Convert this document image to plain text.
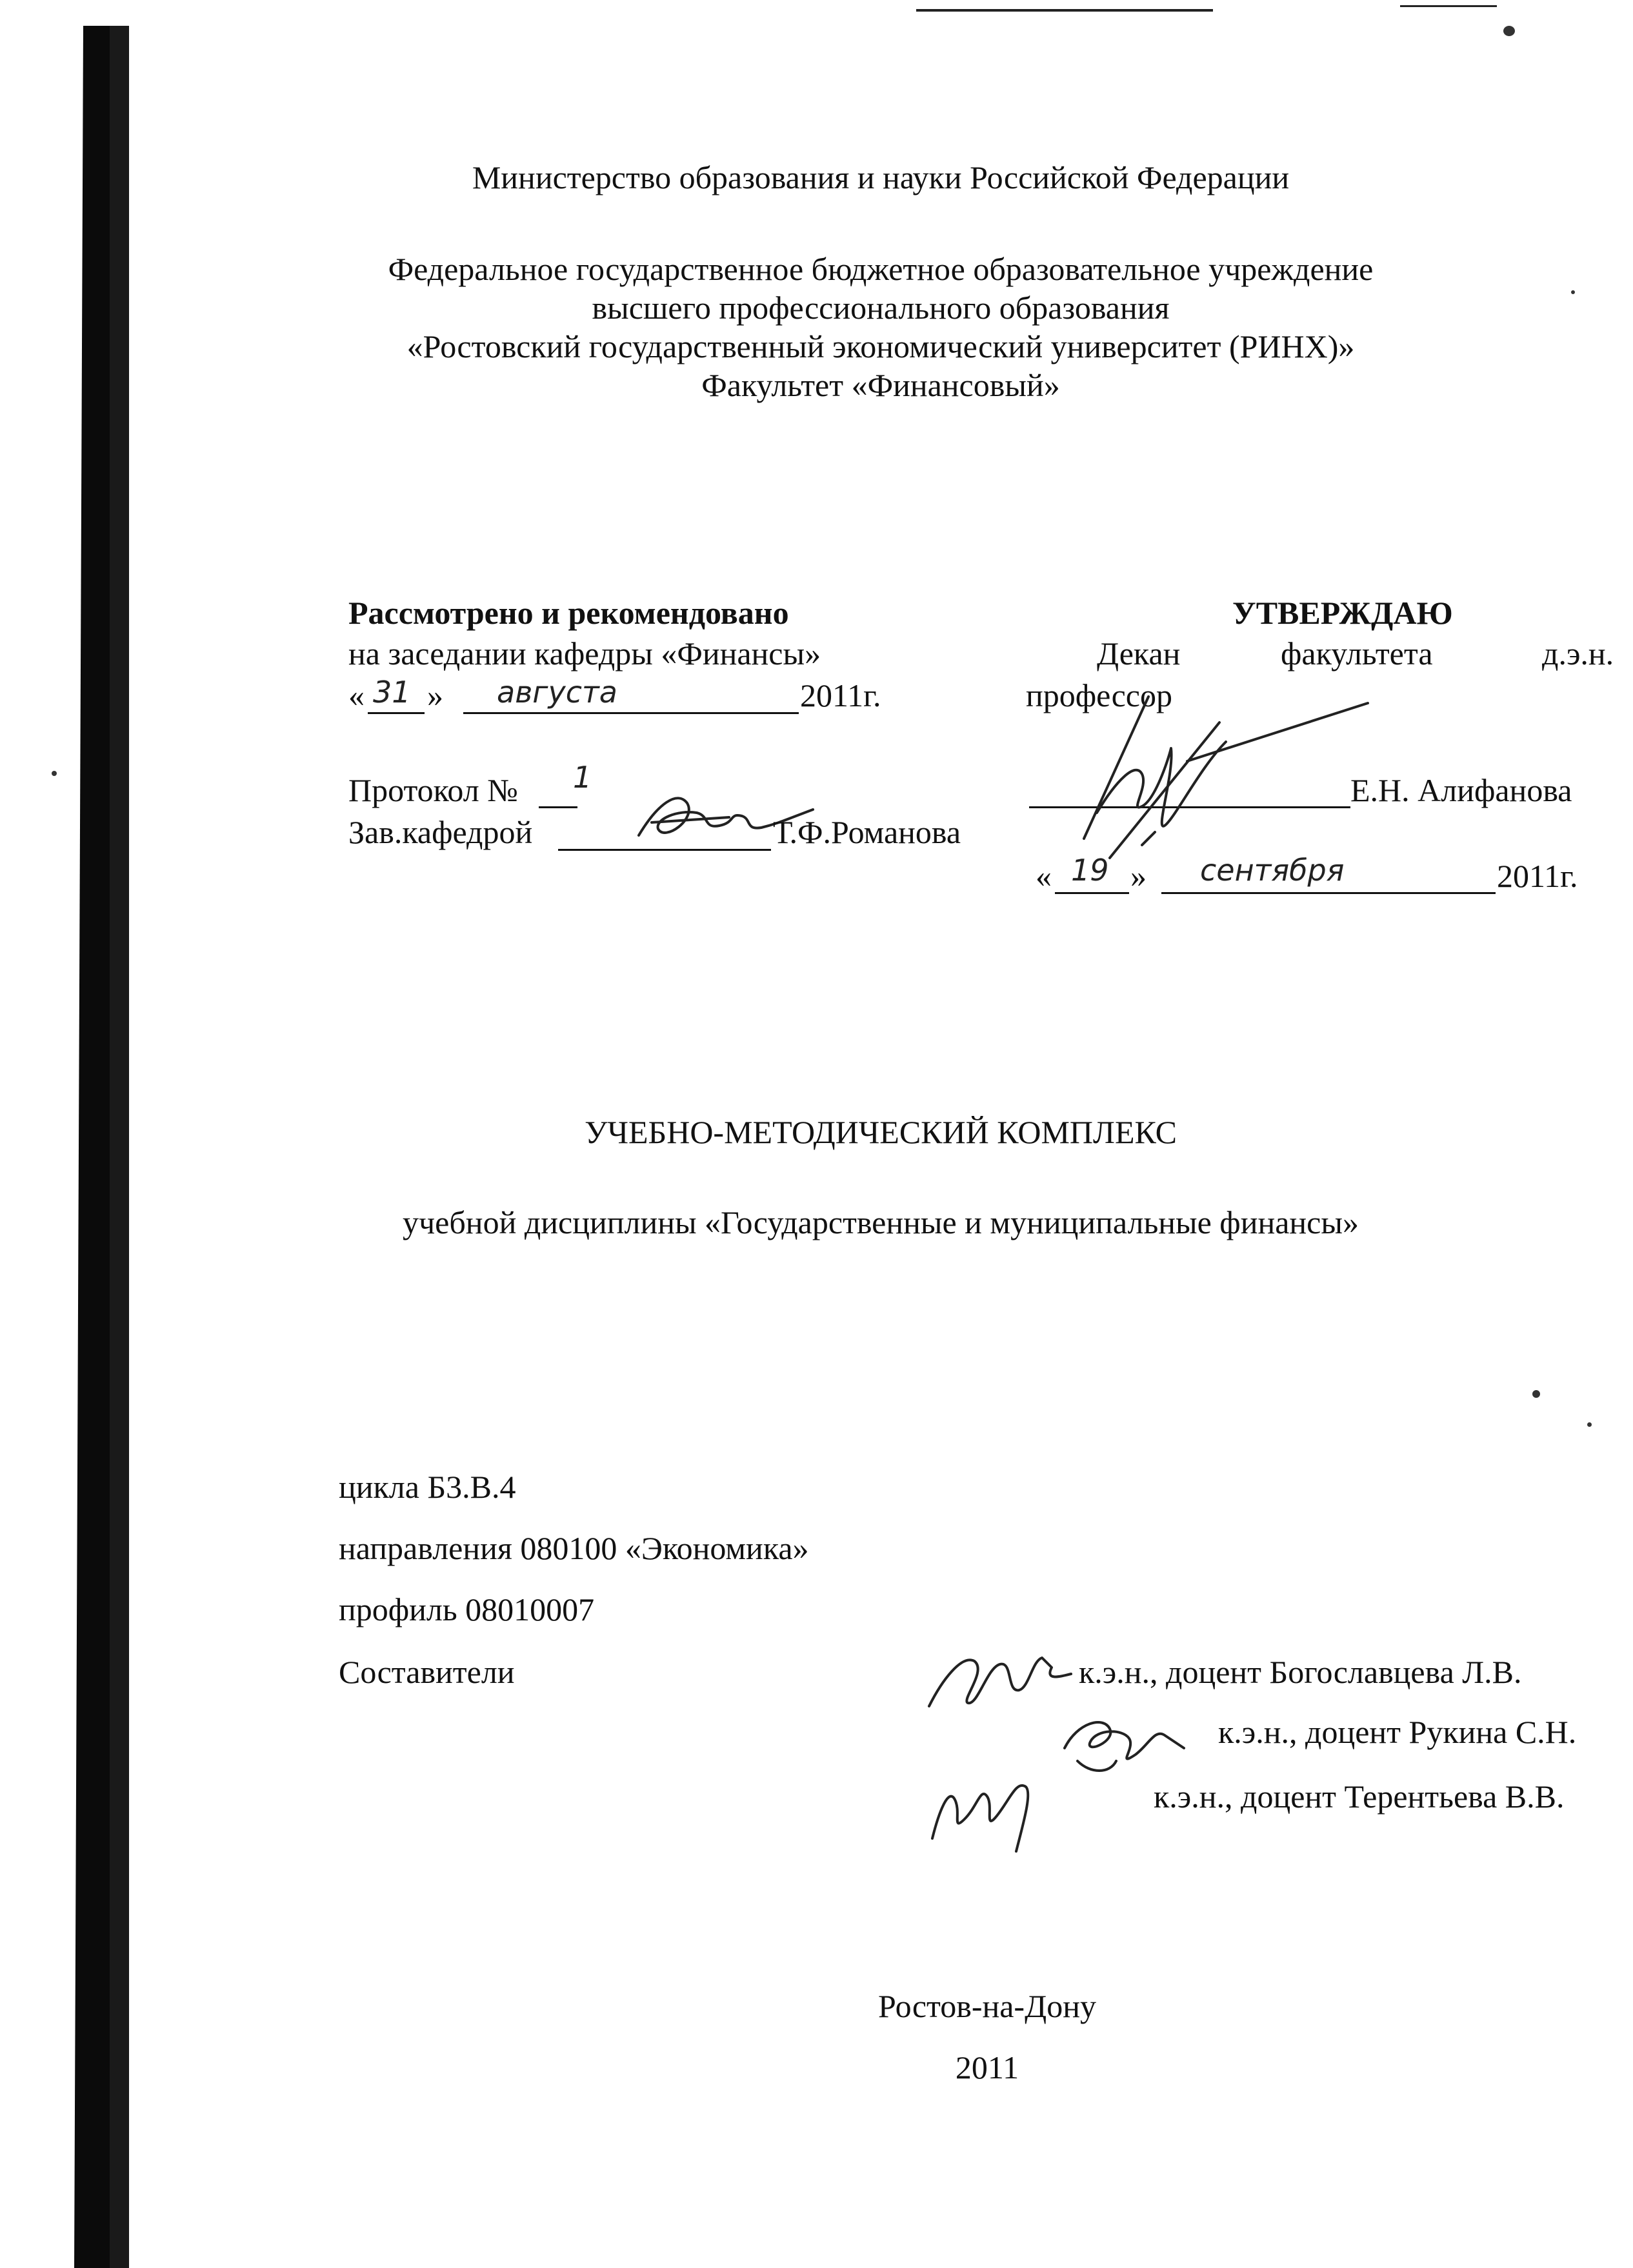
Министерство образования и науки Российской Федерации
Федеральное государственное бюджетное образовательное учреждение
высшего профессионального образования
«Ростовский государственный экономический университет (РИНХ)»
Факультет «Финансовый»
Рассмотрено и рекомендовано
на заседании кафедры «Финансы»
« 31 » августа	2011г.
Протокол № 1
Зав.кафедрой	Т.Ф.Романова
УТВЕРЖДАЮ
Декан	факультета	д.э.н.
профессор
Е.Н. Алифанова
« 19 » сентября	2011г.
УЧЕБНО-МЕТОДИЧЕСКИЙ КОМПЛЕКС
учебной дисциплины «Государственные и муниципальные финансы»
цикла Б3.В.4
направления 080100 «Экономика»
профиль 08010007
Составители	к.э.н., доцент Богославцева Л.В.
к.э.н., доцент Рукина С.Н.
к.э.н., доцент Терентьева В.В.
Ростов-на-Дону
2011
